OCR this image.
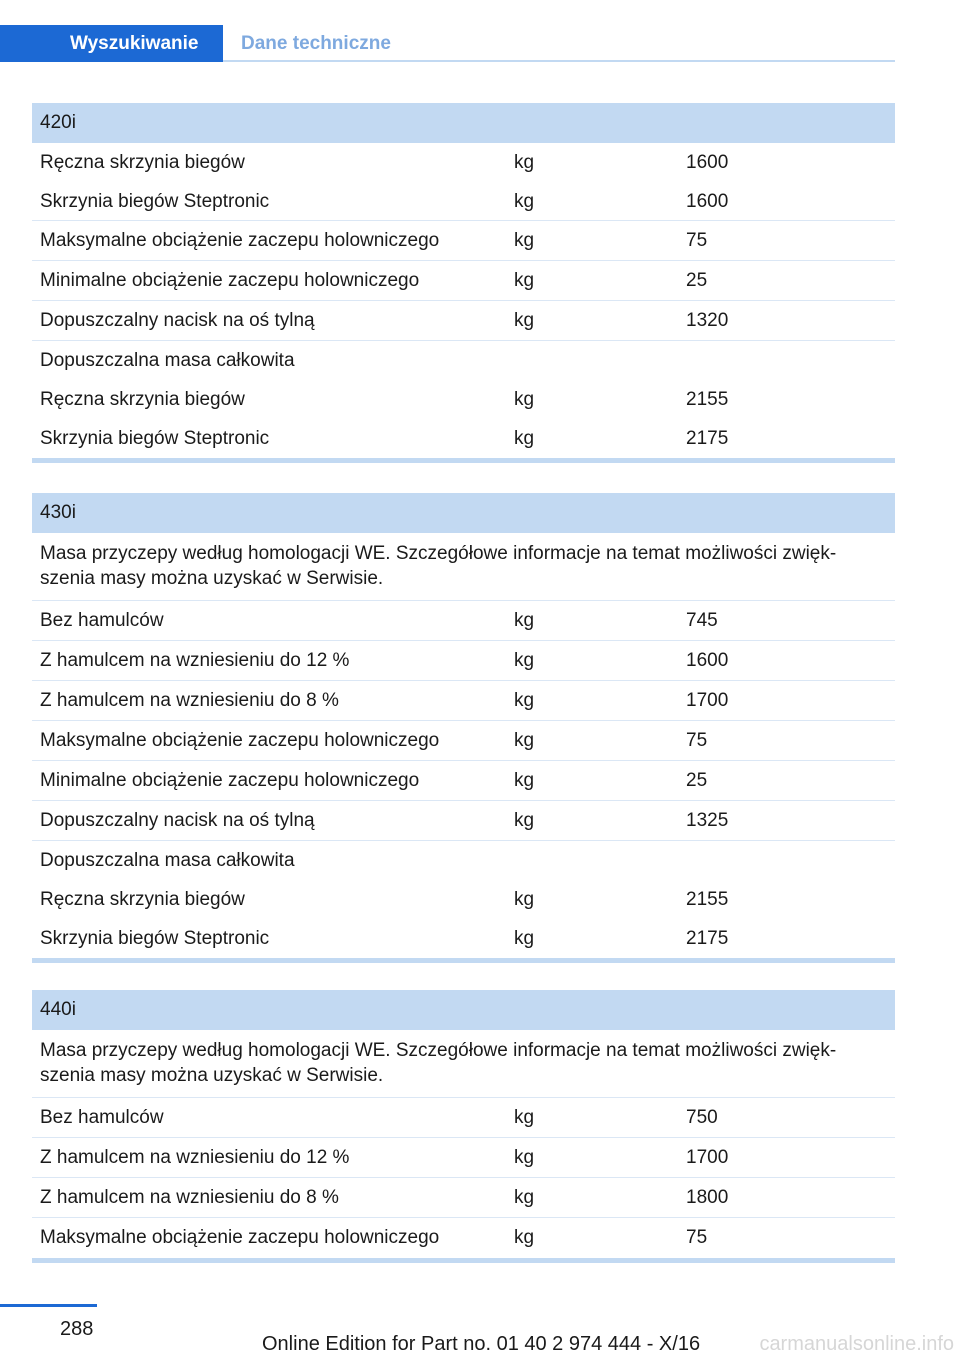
Wyszukiwanie	Dane techniczne
420i
Ręczna skrzynia biegów	kg	1600
Skrzynia biegów Steptronic	kg	1600
Maksymalne obciążenie zaczepu holowniczego	kg	75
Minimalne obciążenie zaczepu holowniczego	kg	25
Dopuszczalny nacisk na oś tylną	kg	1320
Dopuszczalna masa całkowita
Ręczna skrzynia biegów	kg	2155
Skrzynia biegów Steptronic	kg	2175
430i
Masa przyczepy według homologacji WE. Szczegółowe informacje na temat możliwości zwięk-szenia masy można uzyskać w Serwisie.
Bez hamulców	kg	745
Z hamulcem na wzniesieniu do 12 %	kg	1600
Z hamulcem na wzniesieniu do 8 %	kg	1700
Maksymalne obciążenie zaczepu holowniczego	kg	75
Minimalne obciążenie zaczepu holowniczego	kg	25
Dopuszczalny nacisk na oś tylną	kg	1325
Dopuszczalna masa całkowita
Ręczna skrzynia biegów	kg	2155
Skrzynia biegów Steptronic	kg	2175
440i
Masa przyczepy według homologacji WE. Szczegółowe informacje na temat możliwości zwięk-szenia masy można uzyskać w Serwisie.
Bez hamulców	kg	750
Z hamulcem na wzniesieniu do 12 %	kg	1700
Z hamulcem na wzniesieniu do 8 %	kg	1800
Maksymalne obciążenie zaczepu holowniczego	kg	75
288
Online Edition for Part no. 01 40 2 974 444 - X/16	carmanualsonline.info
